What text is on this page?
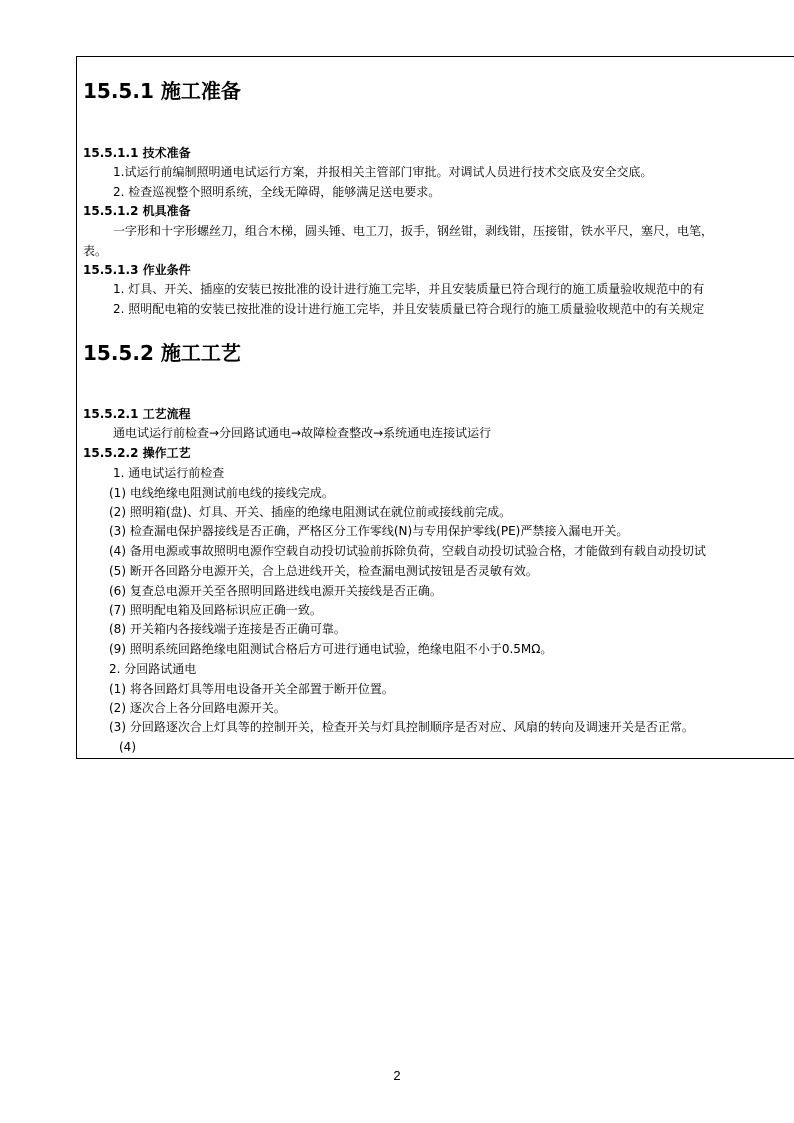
15.5.1 施工准备
15.5.1.1 技术准备
1.试运行前编制照明通电试运行方案，并报相关主管部门审批。对调试人员进行技术交底及安全交底。
2. 检查巡视整个照明系统，全线无障碍，能够满足送电要求。
15.5.1.2 机具准备
一字形和十字形螺丝刀，组合木梯，圆头锤、电工刀，扳手，钢丝钳，剥线钳，压接钳，铁水平尺，塞尺，电笔，
表。
15.5.1.3 作业条件
1. 灯具、开关、插座的安装已按批准的设计进行施工完毕，并且安装质量已符合现行的施工质量验收规范中的有
2. 照明配电箱的安装已按批准的设计进行施工完毕，并且安装质量已符合现行的施工质量验收规范中的有关规定
15.5.2 施工工艺
15.5.2.1 工艺流程
通电试运行前检查→分回路试通电→故障检查整改→系统通电连接试运行
15.5.2.2 操作工艺
1. 通电试运行前检查
(1) 电线绝缘电阻测试前电线的接线完成。
(2) 照明箱(盘)、灯具、开关、插座的绝缘电阻测试在就位前或接线前完成。
(3) 检查漏电保护器接线是否正确，严格区分工作零线(N)与专用保护零线(PE)严禁接入漏电开关。
(4) 备用电源或事故照明电源作空载自动投切试验前拆除负荷，空载自动投切试验合格，才能做到有载自动投切试
(5) 断开各回路分电源开关，合上总进线开关，检查漏电测试按钮是否灵敏有效。
(6) 复查总电源开关至各照明回路进线电源开关接线是否正确。
(7) 照明配电箱及回路标识应正确一致。
(8) 开关箱内各接线端子连接是否正确可靠。
(9) 照明系统回路绝缘电阻测试合格后方可进行通电试验，绝缘电阻不小于0.5MΩ。
2. 分回路试通电
(1) 将各回路灯具等用电设备开关全部置于断开位置。
(2) 逐次合上各分回路电源开关。
(3) 分回路逐次合上灯具等的控制开关，检查开关与灯具控制顺序是否对应、风扇的转向及调速开关是否正常。
(4)
2
